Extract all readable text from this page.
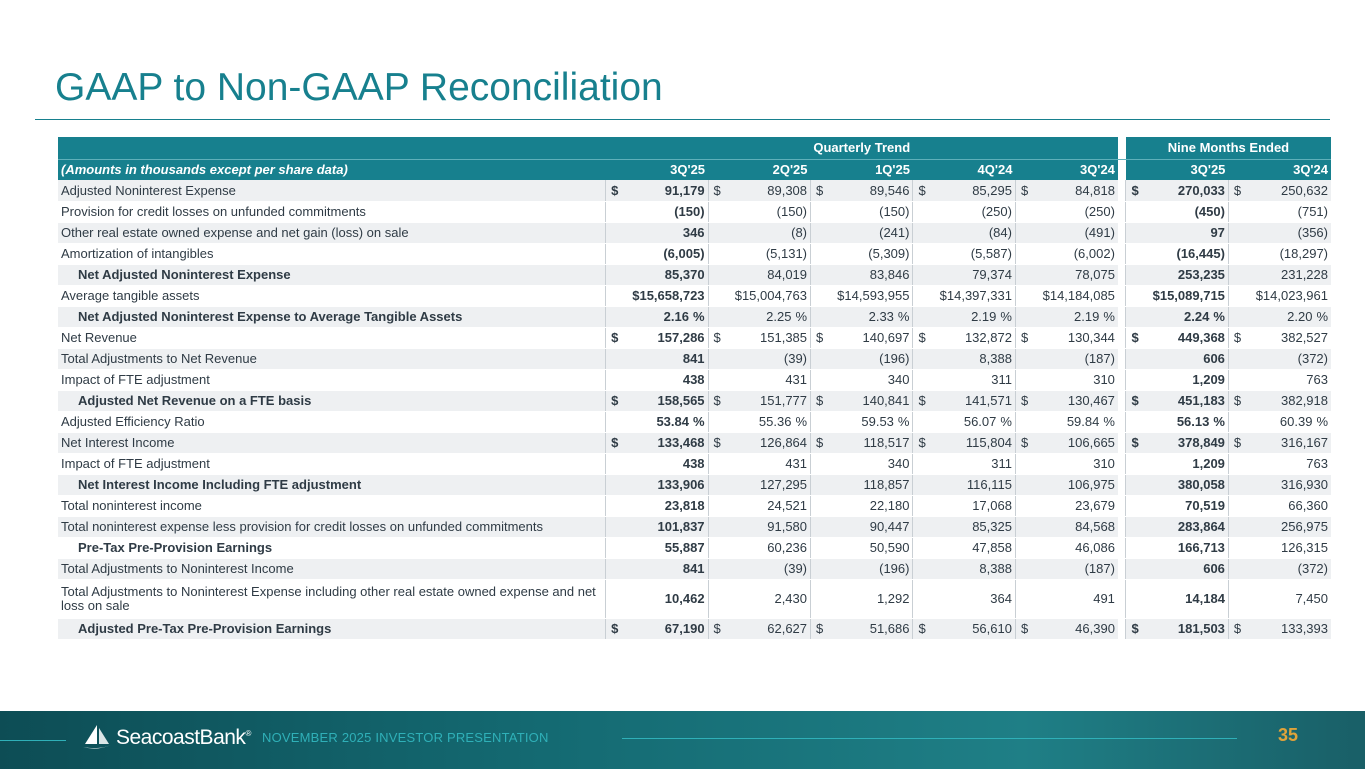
GAAP to Non-GAAP Reconciliation
	Quarterly Trend						Nine Months Ended	
(Amounts in thousands except per share data)	3Q'25	2Q'25	1Q'25	4Q'24	3Q'24		3Q'25	3Q'24
Adjusted Noninterest Expense	$ 91,179	$ 89,308	$ 89,546	$ 85,295	$ 84,818		$ 270,033	$ 250,632
Provision for credit losses on unfunded commitments	(150)	(150)	(150)	(250)	(250)		(450)	(751)
Other real estate owned expense and net gain (loss) on sale	346	(8)	(241)	(84)	(491)		97	(356)
Amortization of intangibles	(6,005)	(5,131)	(5,309)	(5,587)	(6,002)		(16,445)	(18,297)
Net Adjusted Noninterest Expense	85,370	84,019	83,846	79,374	78,075		253,235	231,228
Average tangible assets	$15,658,723	$15,004,763	$14,593,955	$14,397,331	$14,184,085		$15,089,715	$14,023,961
Net Adjusted Noninterest Expense to Average Tangible Assets	2.16 %	2.25 %	2.33 %	2.19 %	2.19 %		2.24 %	2.20 %
Net Revenue	$ 157,286	$ 151,385	$ 140,697	$ 132,872	$ 130,344		$ 449,368	$ 382,527
Total Adjustments to Net Revenue	841	(39)	(196)	8,388	(187)		606	(372)
Impact of FTE adjustment	438	431	340	311	310		1,209	763
Adjusted Net Revenue on a FTE basis	$ 158,565	$ 151,777	$ 140,841	$ 141,571	$ 130,467		$ 451,183	$ 382,918
Adjusted Efficiency Ratio	53.84 %	55.36 %	59.53 %	56.07 %	59.84 %		56.13 %	60.39 %
Net Interest Income	$ 133,468	$ 126,864	$ 118,517	$ 115,804	$ 106,665		$ 378,849	$ 316,167
Impact of FTE adjustment	438	431	340	311	310		1,209	763
Net Interest Income Including FTE adjustment	133,906	127,295	118,857	116,115	106,975		380,058	316,930
Total noninterest income	23,818	24,521	22,180	17,068	23,679		70,519	66,360
Total noninterest expense less provision for credit losses on unfunded commitments	101,837	91,580	90,447	85,325	84,568		283,864	256,975
Pre-Tax Pre-Provision Earnings	55,887	60,236	50,590	47,858	46,086		166,713	126,315
Total Adjustments to Noninterest Income	841	(39)	(196)	8,388	(187)		606	(372)
Total Adjustments to Noninterest Expense including other real estate owned expense and net loss on sale	10,462	2,430	1,292	364	491		14,184	7,450
Adjusted Pre-Tax Pre-Provision Earnings	$ 67,190	$ 62,627	$ 51,686	$ 56,610	$ 46,390		$ 181,503	$ 133,393
SeacoastBank ® NOVEMBER 2025 INVESTOR PRESENTATION	35
